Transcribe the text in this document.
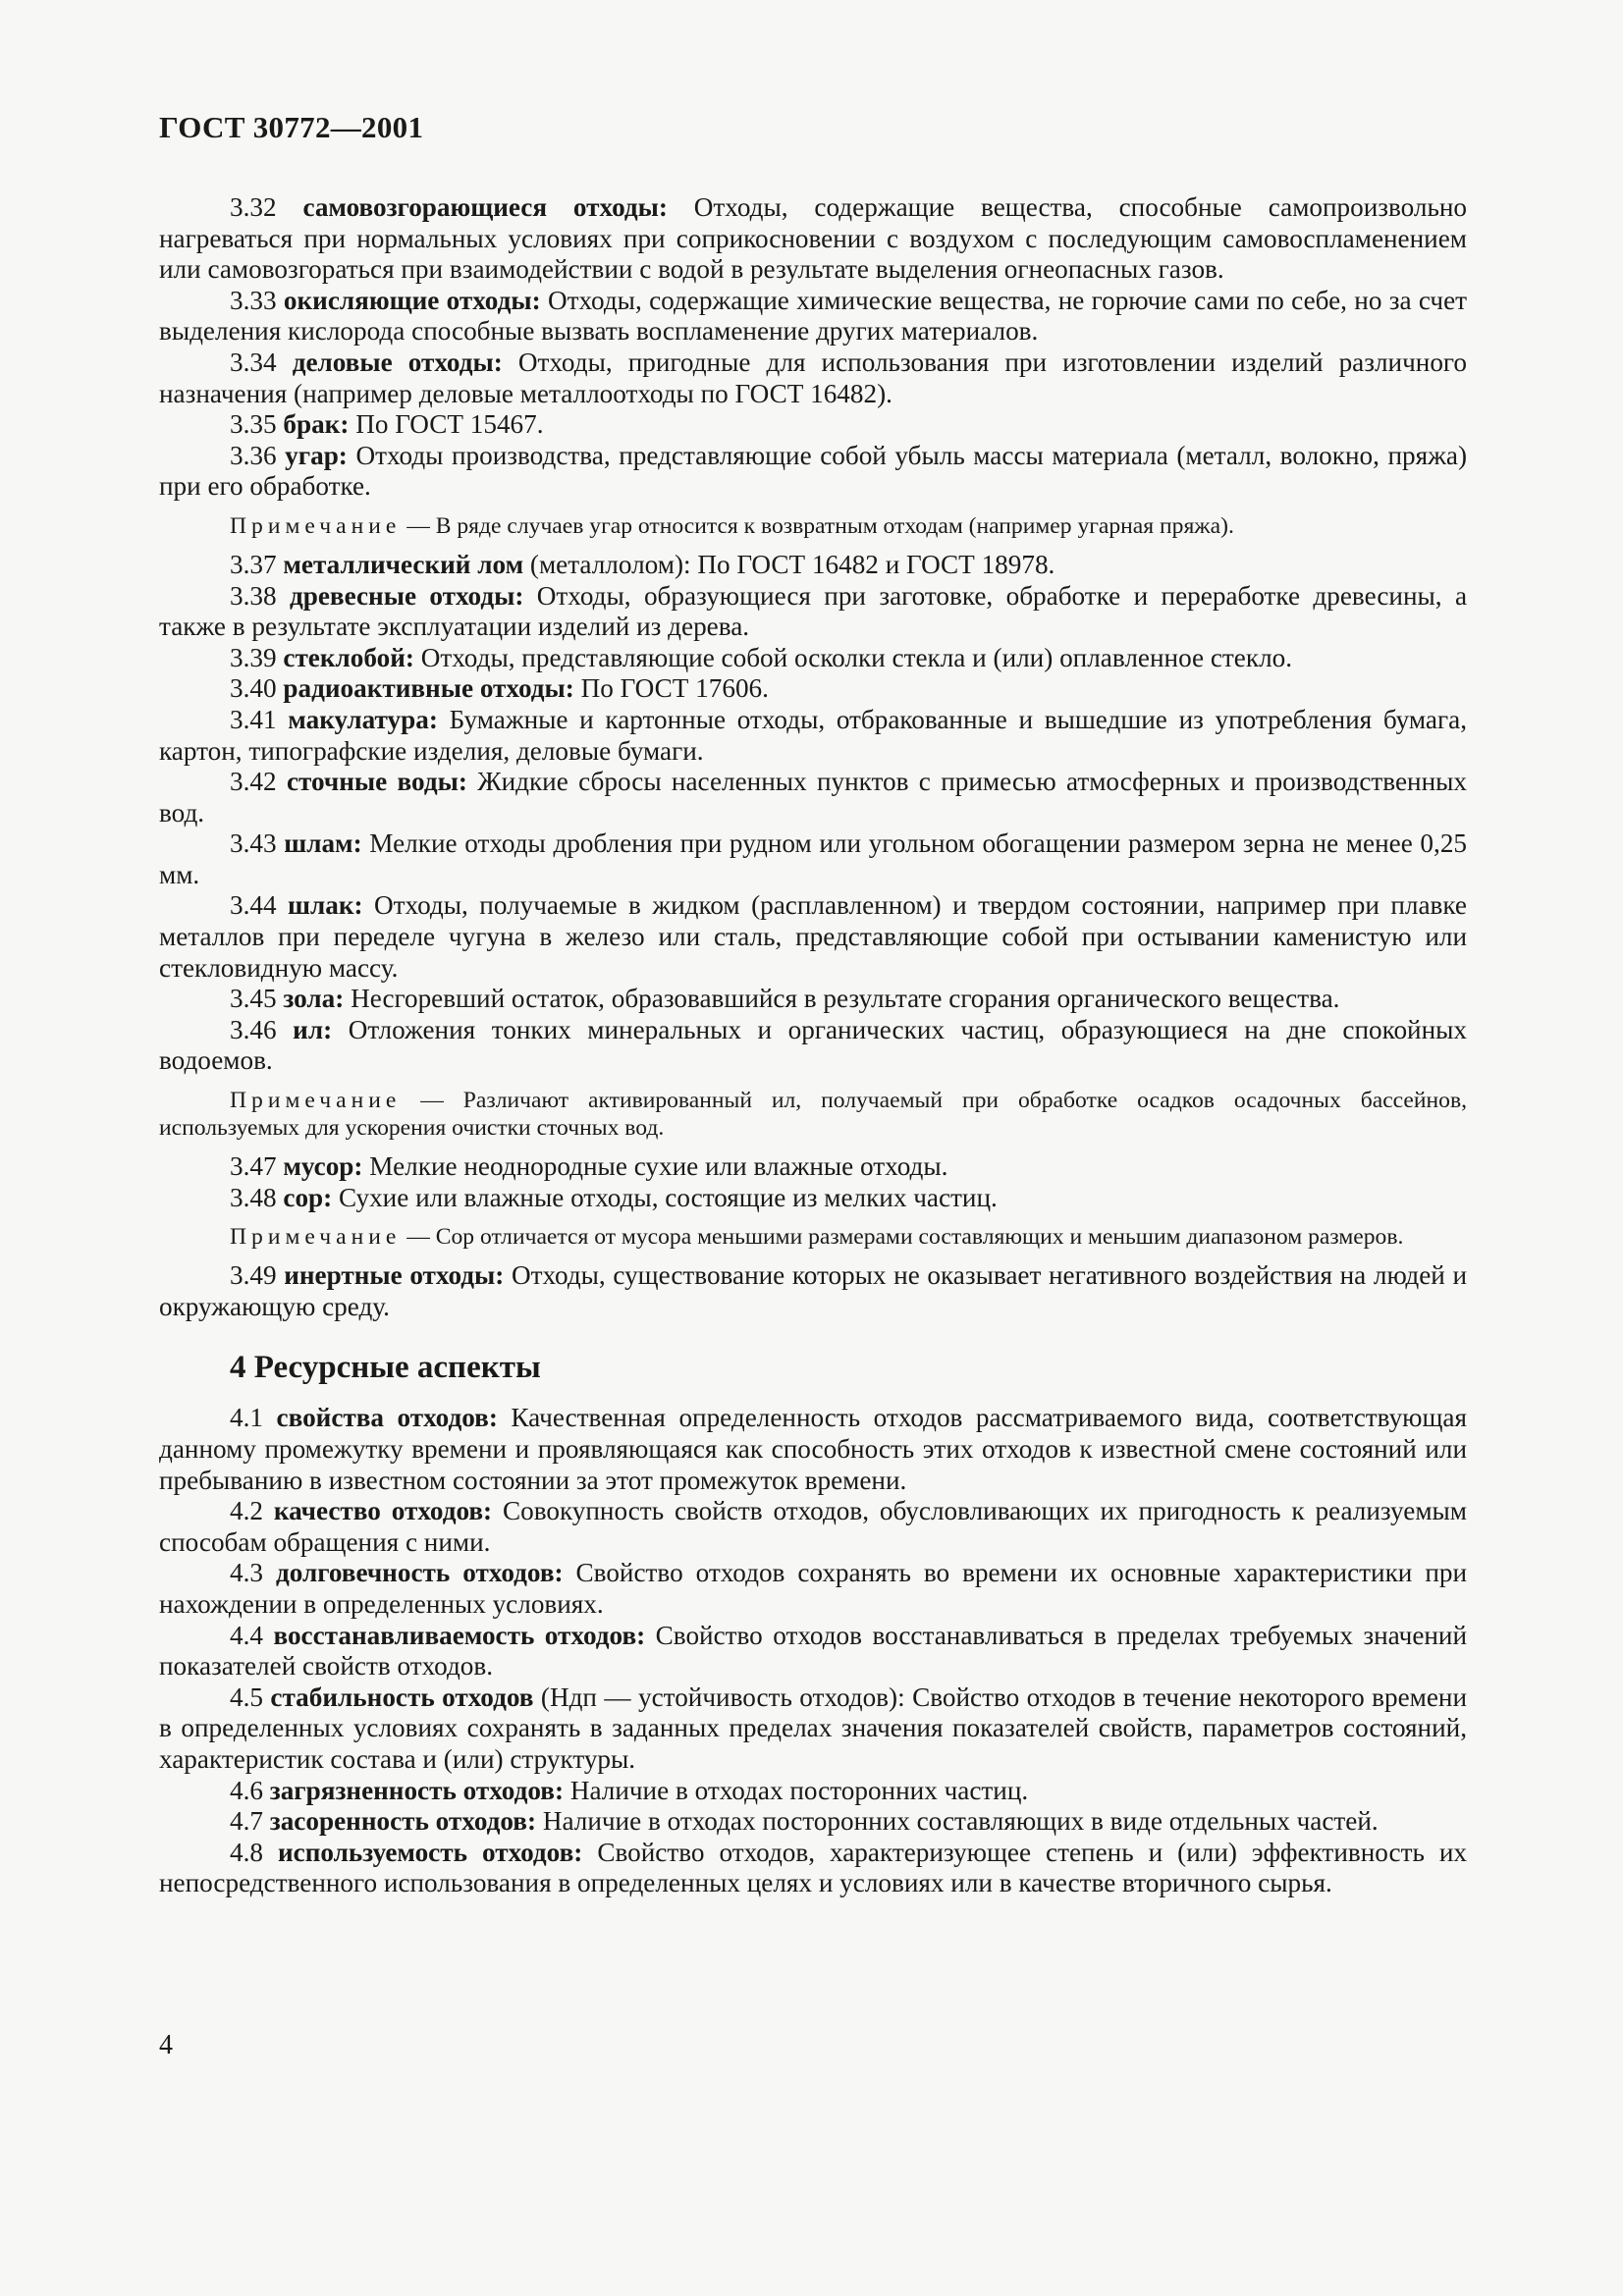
ГОСТ 30772—2001

3.32 самовозгорающиеся отходы: Отходы, содержащие вещества, способные самопроизвольно нагреваться при нормальных условиях при соприкосновении с воздухом с последующим самовоспламенением или самовозгораться при взаимодействии с водой в результате выделения огнеопасных газов.

3.33 окисляющие отходы: Отходы, содержащие химические вещества, не горючие сами по себе, но за счет выделения кислорода способные вызвать воспламенение других материалов.

3.34 деловые отходы: Отходы, пригодные для использования при изготовлении изделий различного назначения (например деловые металлоотходы по ГОСТ 16482).

3.35 брак: По ГОСТ 15467.

3.36 угар: Отходы производства, представляющие собой убыль массы материала (металл, волокно, пряжа) при его обработке.

Примечание — В ряде случаев угар относится к возвратным отходам (например угарная пряжа).

3.37 металлический лом (металлолом): По ГОСТ 16482 и ГОСТ 18978.

3.38 древесные отходы: Отходы, образующиеся при заготовке, обработке и переработке древесины, а также в результате эксплуатации изделий из дерева.

3.39 стеклобой: Отходы, представляющие собой осколки стекла и (или) оплавленное стекло.

3.40 радиоактивные отходы: По ГОСТ 17606.

3.41 макулатура: Бумажные и картонные отходы, отбракованные и вышедшие из употребления бумага, картон, типографские изделия, деловые бумаги.

3.42 сточные воды: Жидкие сбросы населенных пунктов с примесью атмосферных и производственных вод.

3.43 шлам: Мелкие отходы дробления при рудном или угольном обогащении размером зерна не менее 0,25 мм.

3.44 шлак: Отходы, получаемые в жидком (расплавленном) и твердом состоянии, например при плавке металлов при переделе чугуна в железо или сталь, представляющие собой при остывании каменистую или стекловидную массу.

3.45 зола: Несгоревший остаток, образовавшийся в результате сгорания органического вещества.

3.46 ил: Отложения тонких минеральных и органических частиц, образующиеся на дне спокойных водоемов.

Примечание — Различают активированный ил, получаемый при обработке осадков осадочных бассейнов, используемых для ускорения очистки сточных вод.

3.47 мусор: Мелкие неоднородные сухие или влажные отходы.

3.48 сор: Сухие или влажные отходы, состоящие из мелких частиц.

Примечание — Сор отличается от мусора меньшими размерами составляющих и меньшим диапазоном размеров.

3.49 инертные отходы: Отходы, существование которых не оказывает негативного воздействия на людей и окружающую среду.

4 Ресурсные аспекты

4.1 свойства отходов: Качественная определенность отходов рассматриваемого вида, соответствующая данному промежутку времени и проявляющаяся как способность этих отходов к известной смене состояний или пребыванию в известном состоянии за этот промежуток времени.

4.2 качество отходов: Совокупность свойств отходов, обусловливающих их пригодность к реализуемым способам обращения с ними.

4.3 долговечность отходов: Свойство отходов сохранять во времени их основные характеристики при нахождении в определенных условиях.

4.4 восстанавливаемость отходов: Свойство отходов восстанавливаться в пределах требуемых значений показателей свойств отходов.

4.5 стабильность отходов (Ндп — устойчивость отходов): Свойство отходов в течение некоторого времени в определенных условиях сохранять в заданных пределах значения показателей свойств, параметров состояний, характеристик состава и (или) структуры.

4.6 загрязненность отходов: Наличие в отходах посторонних частиц.

4.7 засоренность отходов: Наличие в отходах посторонних составляющих в виде отдельных частей.

4.8 используемость отходов: Свойство отходов, характеризующее степень и (или) эффективность их непосредственного использования в определенных целях и условиях или в качестве вторичного сырья.

4
